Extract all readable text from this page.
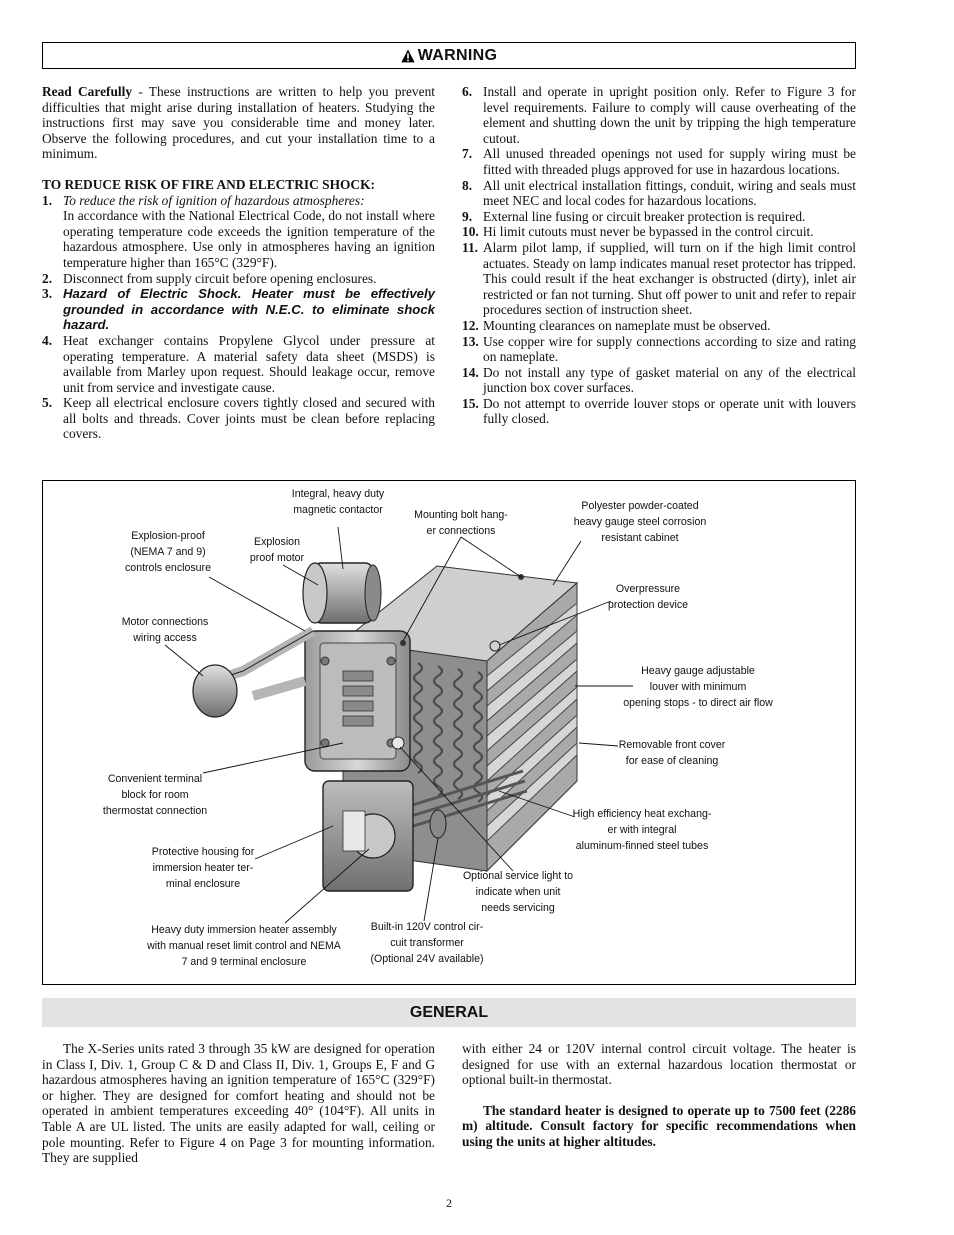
WARNING
Read Carefully - These instructions are written to help you prevent difficulties that might arise during installation of heaters. Studying the instructions first may save you considerable time and money later. Observe the following procedures, and cut your installation time to a minimum.
TO REDUCE RISK OF FIRE AND ELECTRIC SHOCK:
1. To reduce the risk of ignition of hazardous atmospheres:
In accordance with the National Electrical Code, do not install where operating temperature code exceeds the ignition temperature of the hazardous atmosphere. Use only in atmospheres having an ignition temperature higher than 165°C (329°F).
2. Disconnect from supply circuit before opening enclosures.
3. Hazard of Electric Shock. Heater must be effectively grounded in accordance with N.E.C. to eliminate shock hazard.
4. Heat exchanger contains Propylene Glycol under pressure at operating temperature. A material safety data sheet (MSDS) is available from Marley upon request. Should leakage occur, remove unit from service and investigate cause.
5. Keep all electrical enclosure covers tightly closed and secured with all bolts and threads. Cover joints must be clean before replacing covers.
6. Install and operate in upright position only. Refer to Figure 3 for level requirements. Failure to comply will cause overheating of the element and shutting down the unit by tripping the high temperature cutout.
7. All unused threaded openings not used for supply wiring must be fitted with threaded plugs approved for use in hazardous locations.
8. All unit electrical installation fittings, conduit, wiring and seals must meet NEC and local codes for hazardous locations.
9. External line fusing or circuit breaker protection is required.
10. Hi limit cutouts must never be bypassed in the control circuit.
11. Alarm pilot lamp, if supplied, will turn on if the high limit control actuates. Steady on lamp indicates manual reset protector has tripped. This could result if the heat exchanger is obstructed (dirty), inlet air restricted or fan not turning. Shut off power to unit and refer to repair procedures section of instruction sheet.
12. Mounting clearances on nameplate must be observed.
13. Use copper wire for supply connections according to size and rating on nameplate.
14. Do not install any type of gasket material on any of the electrical junction box cover surfaces.
15. Do not attempt to override louver stops or operate unit with louvers fully closed.
Integral, heavy duty
magnetic contactor
Explosion-proof
(NEMA 7 and 9)
controls enclosure
Explosion
proof motor
Mounting bolt hang-
er connections
Polyester powder-coated
heavy gauge steel corrosion
resistant cabinet
Overpressure
protection device
Motor connections
wiring access
Heavy gauge adjustable
louver with minimum
opening stops - to direct air flow
Removable front cover
for ease of cleaning
Convenient terminal
block for room
thermostat connection	High efficiency heat exchang-
er with integral
aluminum-finned steel tubes
Protective housing for
immersion heater ter-
minal enclosure
Optional service light to
indicate when unit
needs servicing
Heavy duty immersion heater assembly
with manual reset limit control and NEMA
7 and 9 terminal enclosure
Built-in 120V control cir-
cuit transformer
(Optional 24V available)
GENERAL
The X-Series units rated 3 through 35 kW are designed for operation in Class I, Div. 1, Group C & D and Class II, Div. 1, Groups E, F and G hazardous atmospheres having an ignition temperature of 165°C (329°F) or higher. They are designed for comfort heating and should not be operated in ambient temperatures exceeding 40° (104°F). All units in Table A are UL listed. The units are easily adapted for wall, ceiling or pole mounting. Refer to Figure 4 on Page 3 for mounting information. They are supplied
with either 24 or 120V internal control circuit voltage. The heater is designed for use with an external hazardous location thermostat or optional built-in thermostat.
The standard heater is designed to operate up to 7500 feet (2286 m) altitude. Consult factory for specific recommendations when using the units at higher altitudes.
2
